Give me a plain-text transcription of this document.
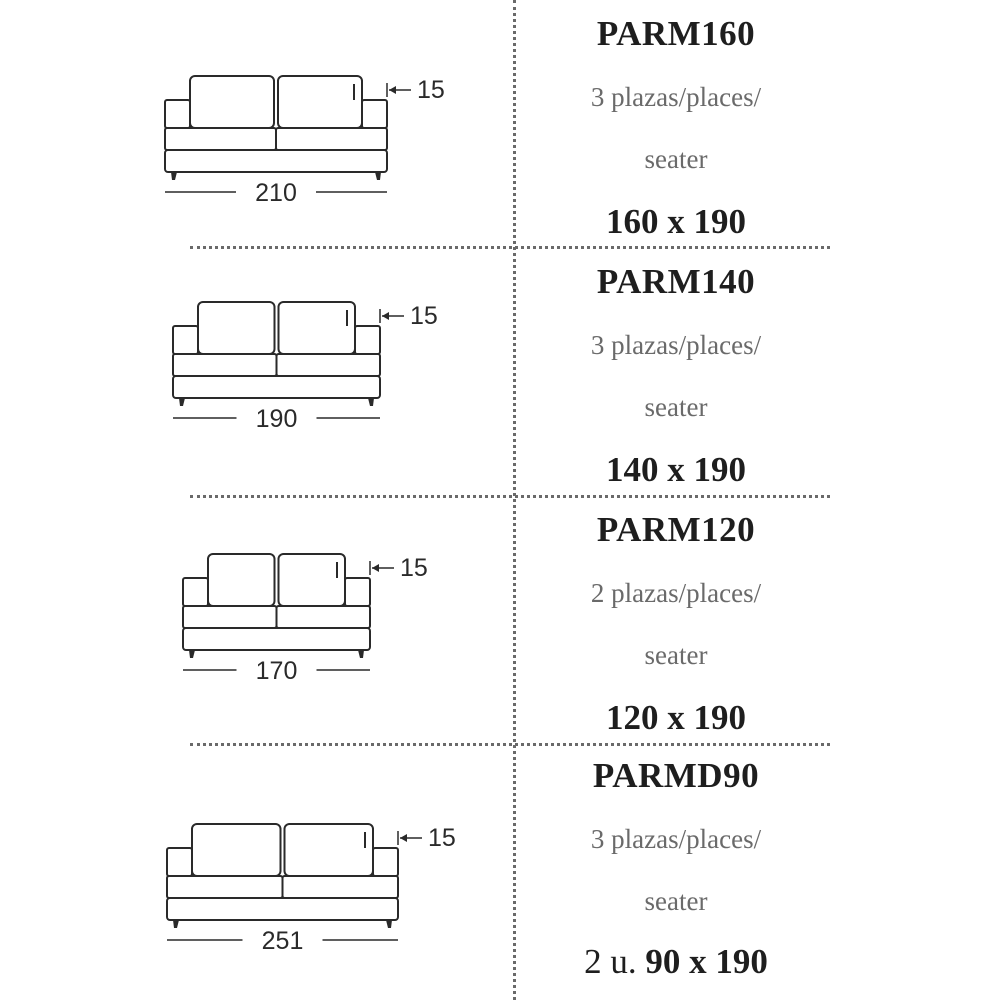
15
210
15
190
15
170
15
251
PARM160
3 plazas/places/
seater
160 x 190
PARM140
3 plazas/places/
seater
140 x 190
PARM120
2 plazas/places/
seater
120 x 190
PARMD90
3 plazas/places/
seater
2 u. 90 x 190
